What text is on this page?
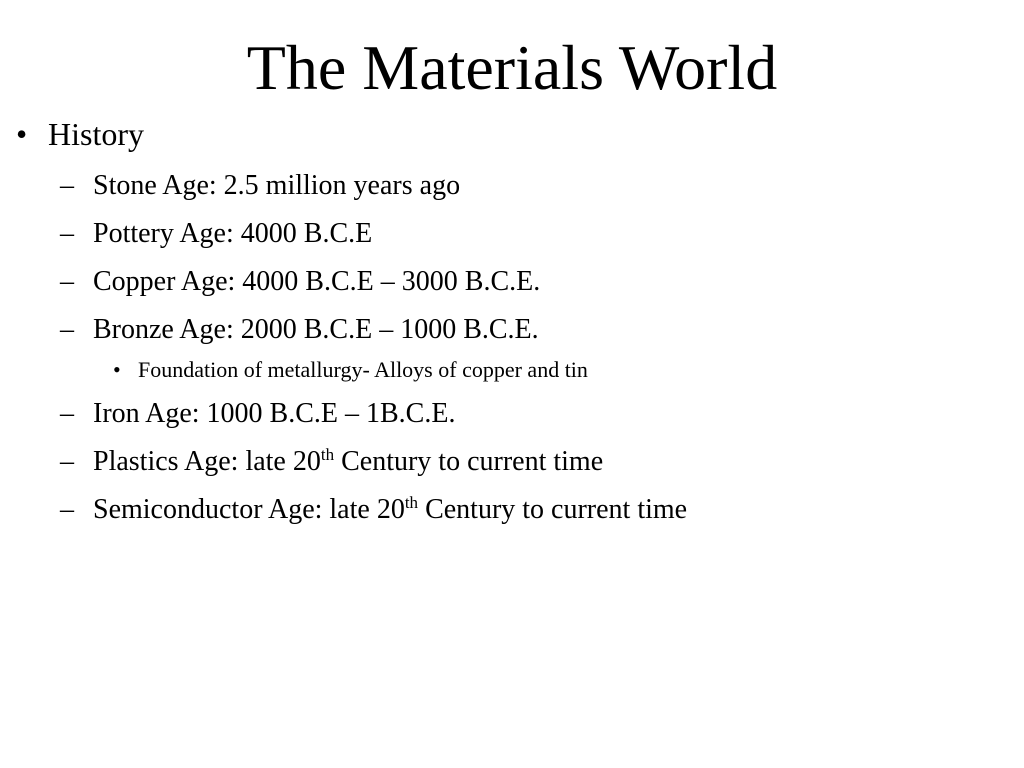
The Materials World
• History
– Stone Age: 2.5 million years ago
– Pottery Age: 4000 B.C.E
– Copper Age: 4000 B.C.E – 3000 B.C.E.
– Bronze Age: 2000 B.C.E – 1000 B.C.E.
• Foundation of metallurgy- Alloys of copper and tin
– Iron Age: 1000 B.C.E – 1B.C.E.
– Plastics Age: late 20th Century to current time
– Semiconductor Age: late 20th Century to current time
